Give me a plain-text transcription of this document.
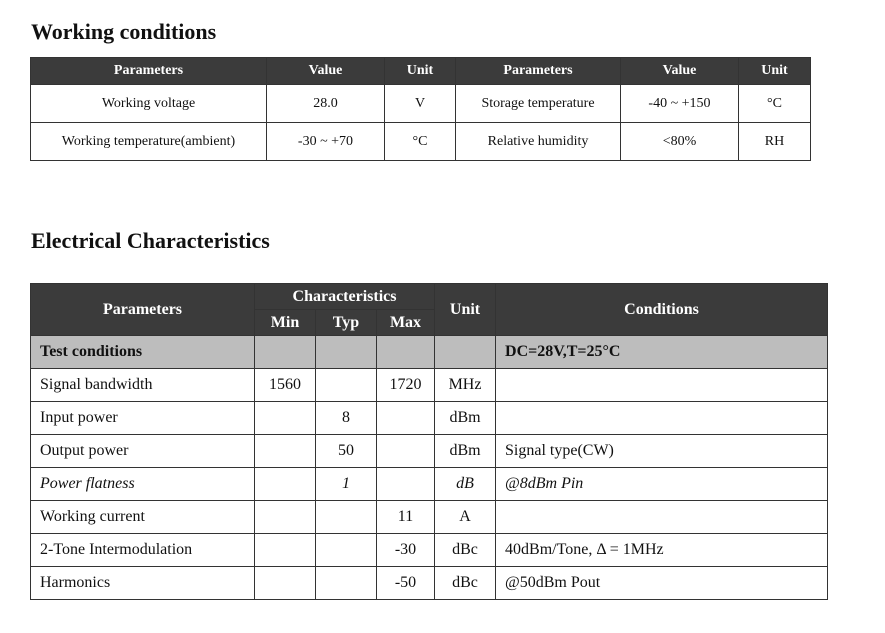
Working conditions
Parameters	Value	Unit	Parameters	Value	Unit
Working voltage	28.0	V	Storage temperature	-40 ~ +150	°C
Working temperature(ambient)	-30 ~ +70	°C	Relative humidity	<80%	RH
Electrical Characteristics
Parameters	Characteristics			Unit	Conditions
	Min	Typ	Max		
Test conditions					DC=28V,T=25°C
Signal bandwidth	1560		1720	MHz	
Input power		8		dBm	
Output power		50		dBm	Signal type(CW)
Power flatness		1		dB	@8dBm Pin
Working current			11	A	
2-Tone Intermodulation			-30	dBc	40dBm/Tone, Δ = 1MHz
Harmonics			-50	dBc	@50dBm Pout
